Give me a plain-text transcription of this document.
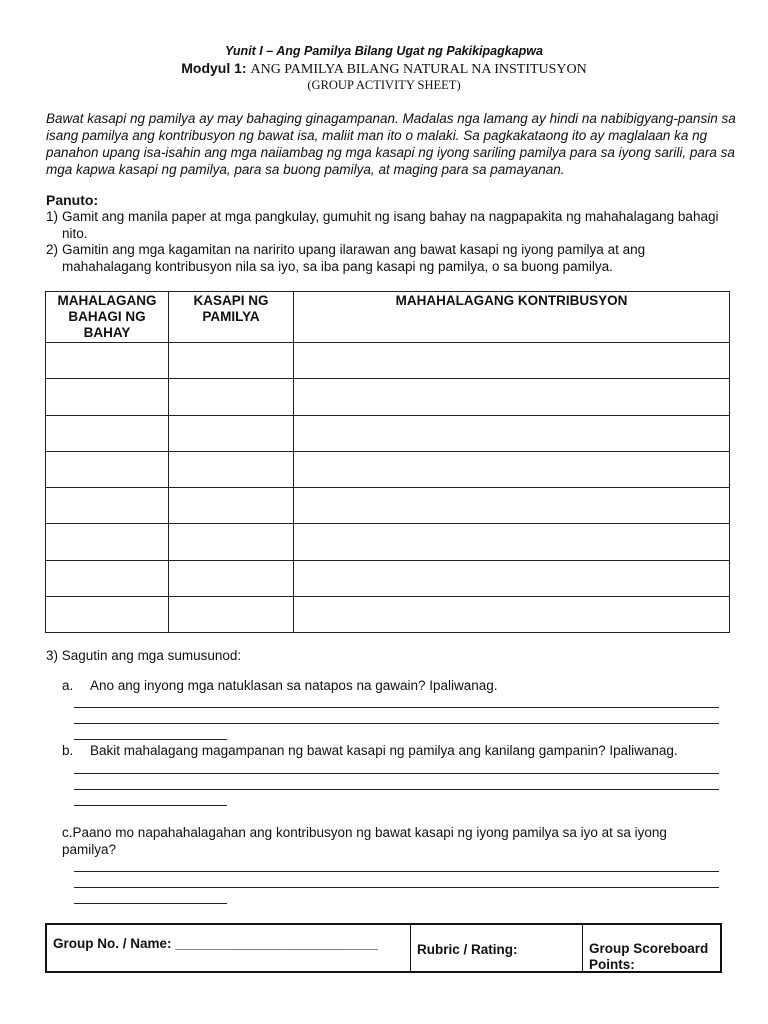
Yunit I – Ang Pamilya Bilang Ugat ng Pakikipagkapwa
Modyul 1: ANG PAMILYA BILANG NATURAL NA INSTITUSYON
(GROUP ACTIVITY SHEET)
Bawat kasapi ng pamilya ay may bahaging ginagampanan. Madalas nga lamang ay hindi na nabibigyang-pansin sa isang pamilya ang kontribusyon ng bawat isa, maliit man ito o malaki. Sa pagkakataong ito ay maglalaan ka ng panahon upang isa-isahin ang mga naiiambag ng mga kasapi ng iyong sariling pamilya para sa iyong sarili, para sa mga kapwa kasapi ng pamilya, para sa buong pamilya, at maging para sa pamayanan.
Panuto:
1) Gamit ang manila paper at mga pangkulay, gumuhit ng isang bahay na nagpapakita ng mahahalagang bahagi nito.
2) Gamitin ang mga kagamitan na naririto upang ilarawan ang bawat kasapi ng iyong pamilya at ang mahahalagang kontribusyon nila sa iyo, sa iba pang kasapi ng pamilya, o sa buong pamilya.
MAHALAGANG BAHAGI NG BAHAY	KASAPI NG PAMILYA	MAHAHALAGANG KONTRIBUSYON

3) Sagutin ang mga sumusunod:
a. Ano ang inyong mga natuklasan sa natapos na gawain? Ipaliwanag.
b. Bakit mahalagang magampanan ng bawat kasapi ng pamilya ang kanilang gampanin? Ipaliwanag.
c.Paano mo napahahalagahan ang kontribusyon ng bawat kasapi ng iyong pamilya sa iyo at sa iyong pamilya?
Group No. / Name: ___________________________	Rubric / Rating:	Group Scoreboard Points:
